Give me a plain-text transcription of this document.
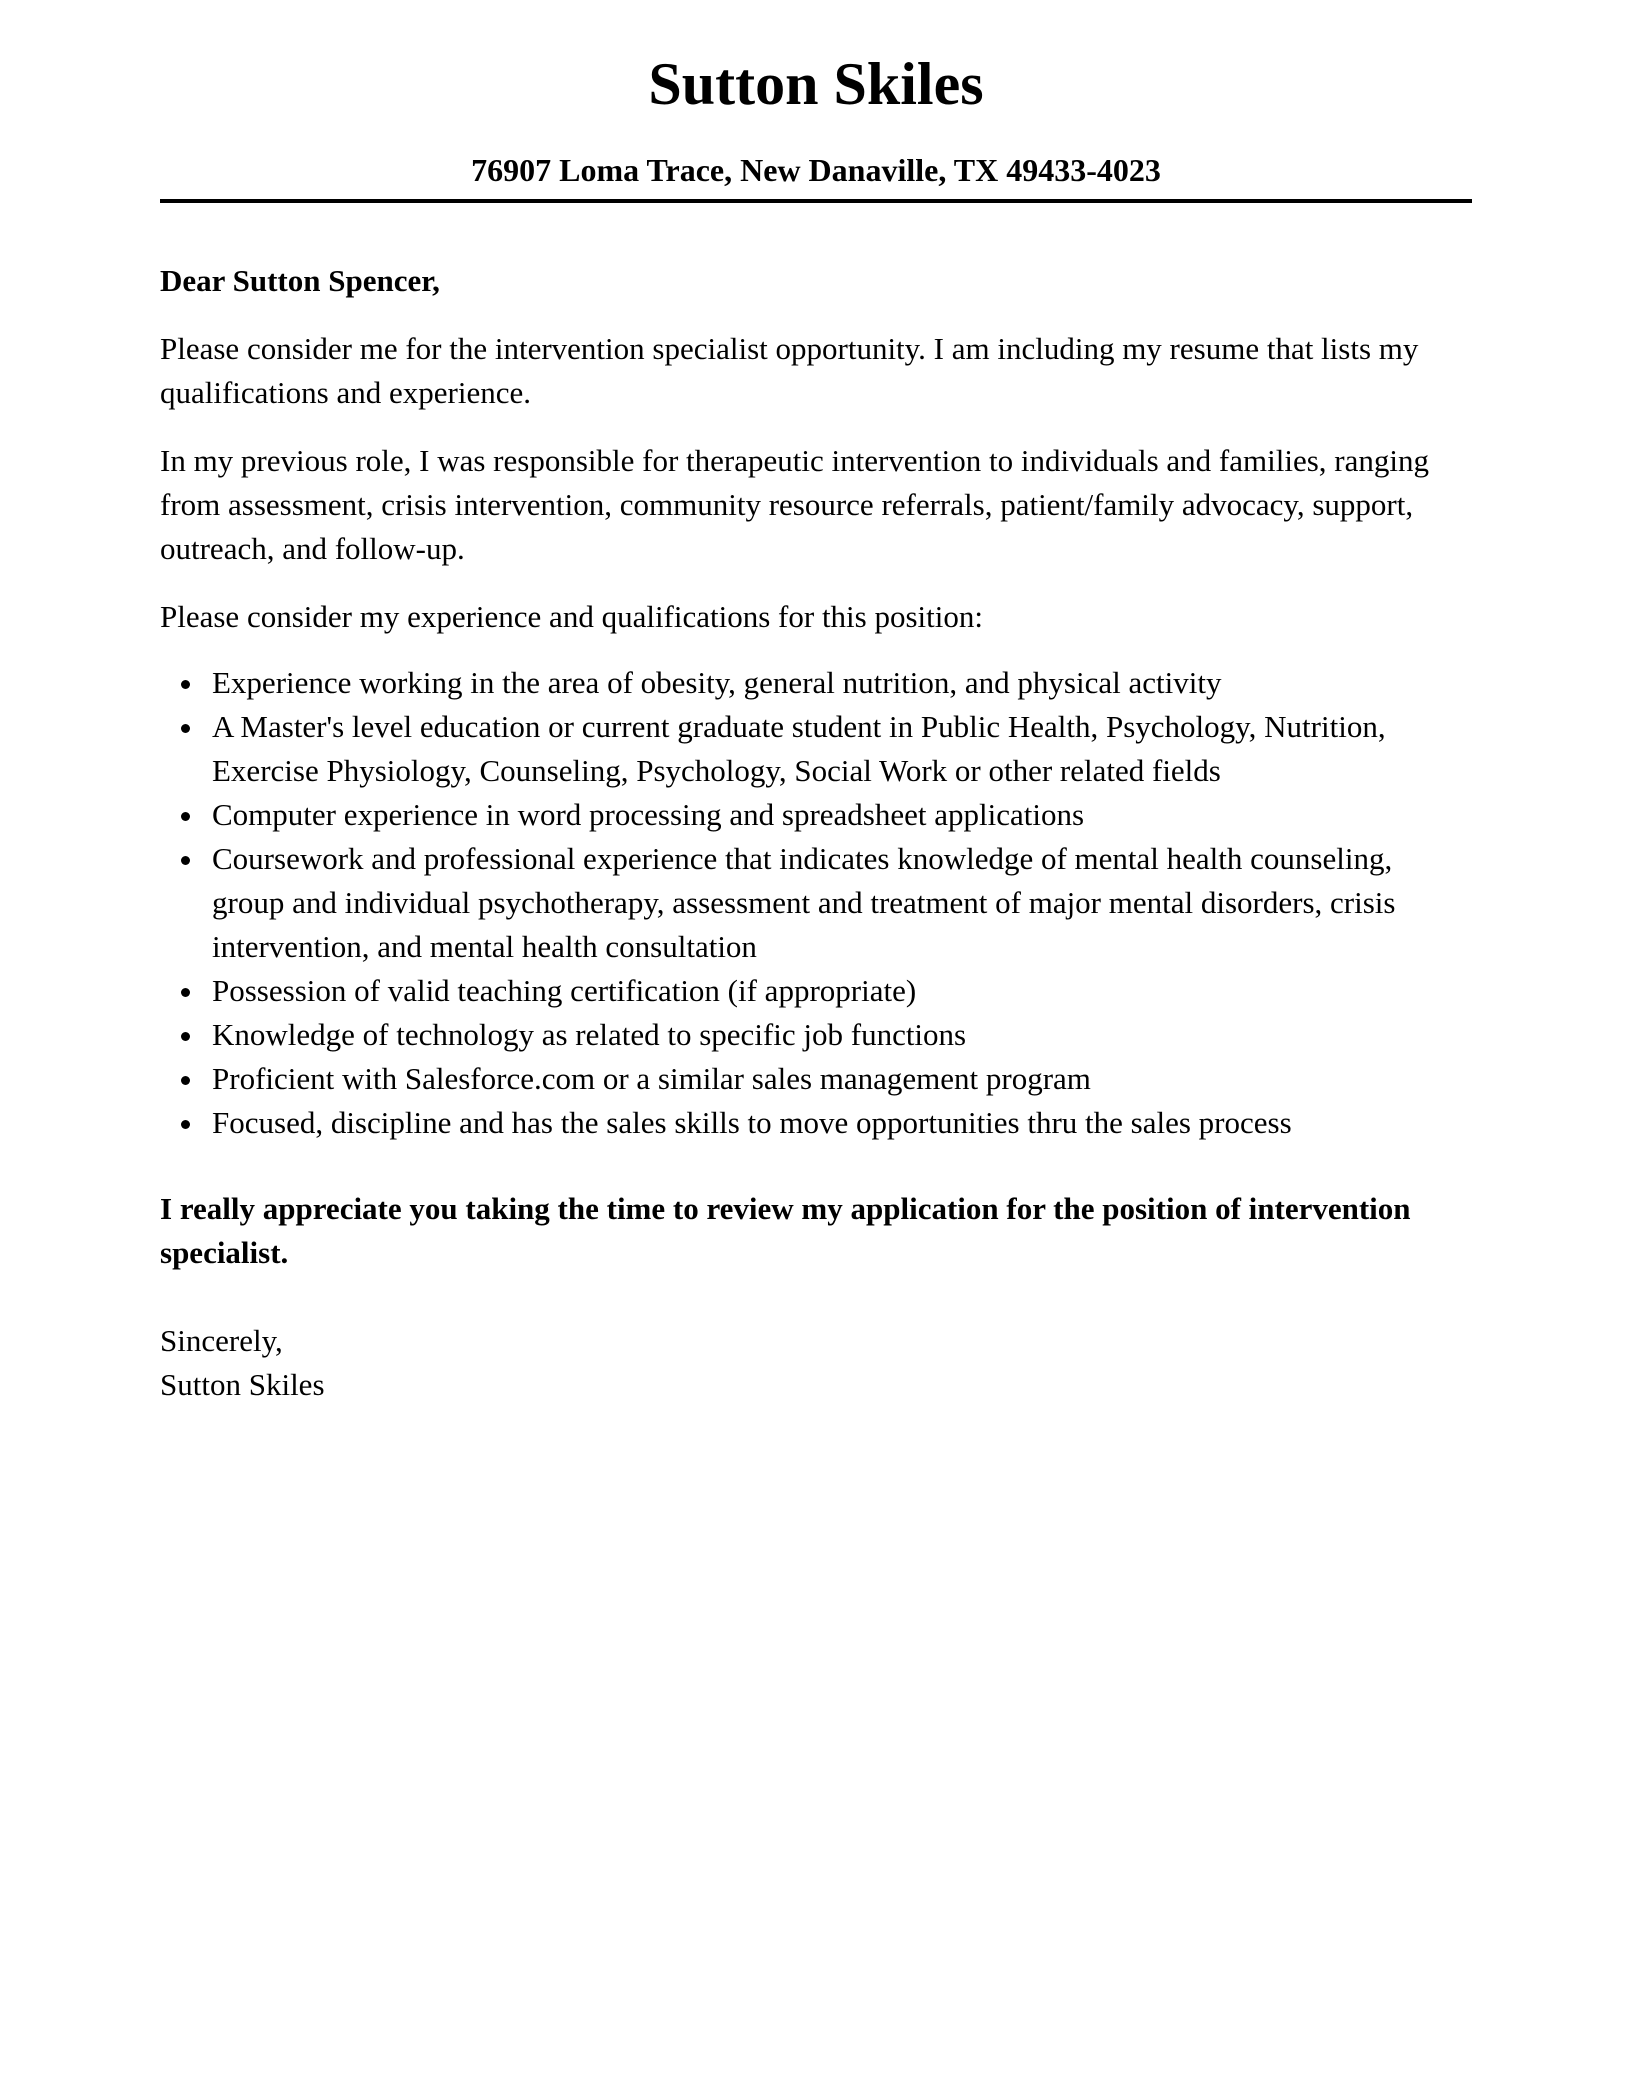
Sutton Skiles
76907 Loma Trace, New Danaville, TX 49433-4023

Dear Sutton Spencer,

Please consider me for the intervention specialist opportunity. I am including my resume that lists my qualifications and experience.

In my previous role, I was responsible for therapeutic intervention to individuals and families, ranging from assessment, crisis intervention, community resource referrals, patient/family advocacy, support, outreach, and follow-up.

Please consider my experience and qualifications for this position:

• Experience working in the area of obesity, general nutrition, and physical activity
• A Master's level education or current graduate student in Public Health, Psychology, Nutrition, Exercise Physiology, Counseling, Psychology, Social Work or other related fields
• Computer experience in word processing and spreadsheet applications
• Coursework and professional experience that indicates knowledge of mental health counseling, group and individual psychotherapy, assessment and treatment of major mental disorders, crisis intervention, and mental health consultation
• Possession of valid teaching certification (if appropriate)
• Knowledge of technology as related to specific job functions
• Proficient with Salesforce.com or a similar sales management program
• Focused, discipline and has the sales skills to move opportunities thru the sales process

I really appreciate you taking the time to review my application for the position of intervention specialist.

Sincerely,

Sutton Skiles
